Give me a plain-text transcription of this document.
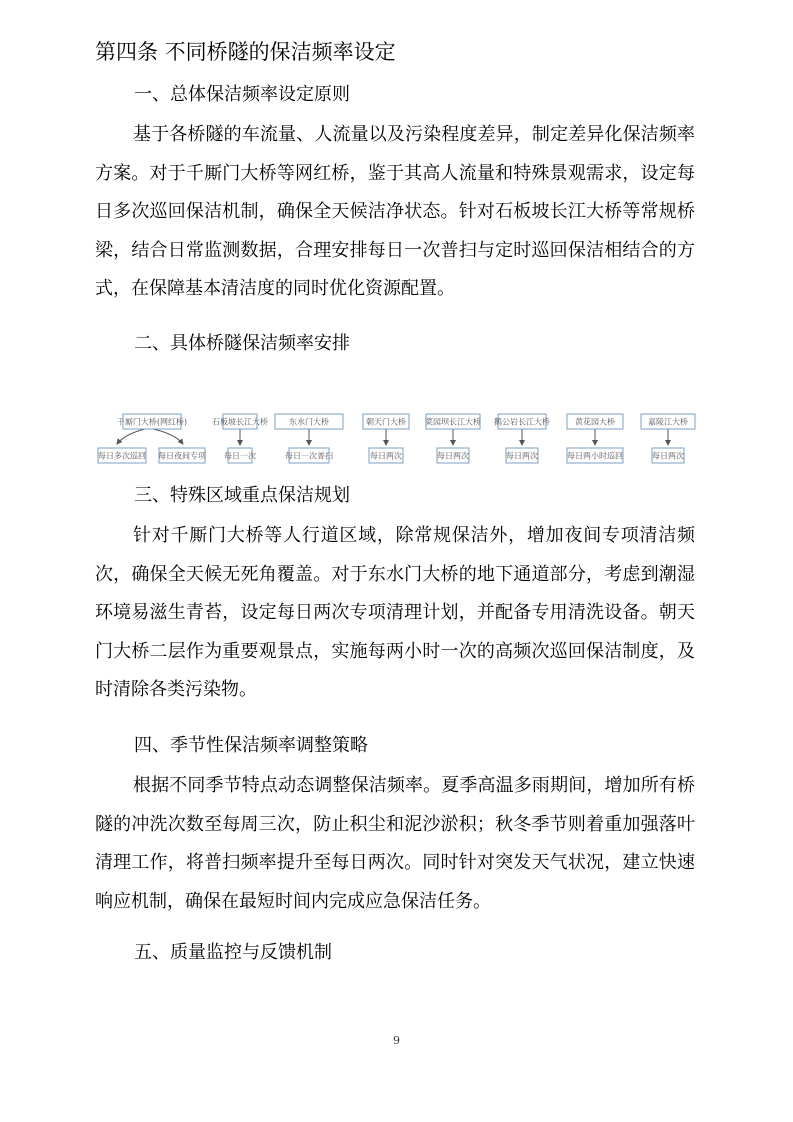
第四条 不同桥隧的保洁频率设定
一、总体保洁频率设定原则

基于各桥隧的车流量、人流量以及污染程度差异，制定差异化保洁频率方案。对于千厮门大桥等网红桥，鉴于其高人流量和特殊景观需求，设定每日多次巡回保洁机制，确保全天候洁净状态。针对石板坡长江大桥等常规桥梁，结合日常监测数据，合理安排每日一次普扫与定时巡回保洁相结合的方式，在保障基本清洁度的同时优化资源配置。

二、具体桥隧保洁频率安排
千厮门大桥(网红桥)
每日多次巡回 每日夜间专项
石板坡长江大桥
每日一次
东水门大桥
每日一次普扫
朝天门大桥
每日两次
菜园坝长江大桥
每日两次
鹅公岩长江大桥
每日两次
黄花园大桥
每日两小时巡回
嘉陵江大桥
每日两次
三、特殊区域重点保洁规划

针对千厮门大桥等人行道区域，除常规保洁外，增加夜间专项清洁频次，确保全天候无死角覆盖。对于东水门大桥的地下通道部分，考虑到潮湿环境易滋生青苔，设定每日两次专项清理计划，并配备专用清洗设备。朝天门大桥二层作为重要观景点，实施每两小时一次的高频次巡回保洁制度，及时清除各类污染物。

四、季节性保洁频率调整策略

根据不同季节特点动态调整保洁频率。夏季高温多雨期间，增加所有桥隧的冲洗次数至每周三次，防止积尘和泥沙淤积；秋冬季节则着重加强落叶清理工作，将普扫频率提升至每日两次。同时针对突发天气状况，建立快速响应机制，确保在最短时间内完成应急保洁任务。

五、质量监控与反馈机制
9
